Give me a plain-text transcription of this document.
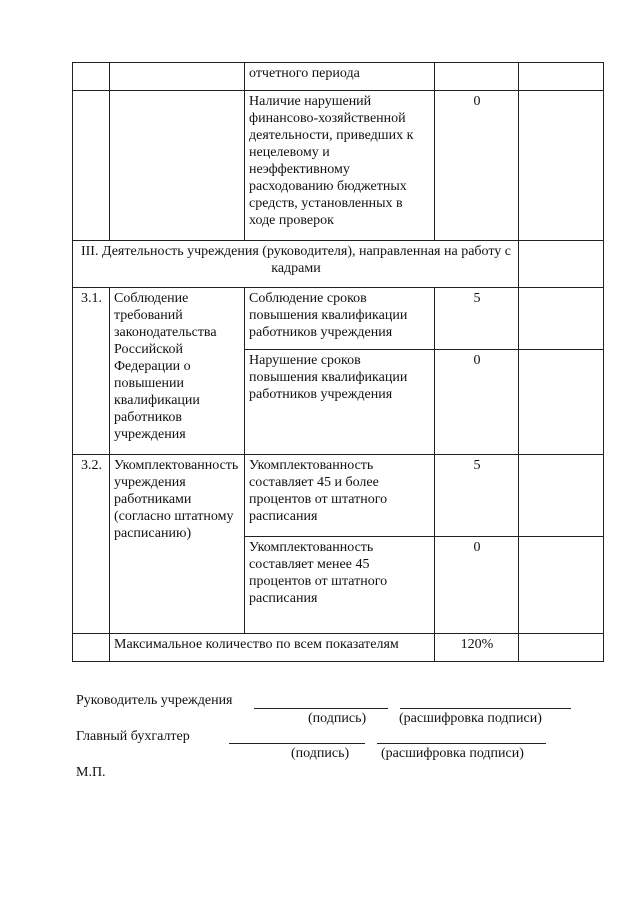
		отчетного периода		
		Наличие нарушений финансово-хозяйственной деятельности, приведших к нецелевому и неэффективному расходованию бюджетных средств, установленных в ходе проверок	0	
III. Деятельность учреждения (руководителя), направленная на работу с кадрами				
3.1.	Соблюдение требований законодательства Российской Федерации о повышении квалификации работников учреждения	Соблюдение сроков повышения квалификации работников учреждения	5	
		Нарушение сроков повышения квалификации работников учреждения	0	
3.2.	Укомплектованность учреждения работниками (согласно штатному расписанию)	Укомплектованность составляет 45 и более процентов от штатного расписания	5	
		Укомплектованность составляет менее 45 процентов от штатного расписания	0	
	Максимальное количество по всем показателям		120%	
Руководитель учреждения
(подпись) (расшифровка подписи)
Главный бухгалтер
(подпись) (расшифровка подписи)
М.П.
